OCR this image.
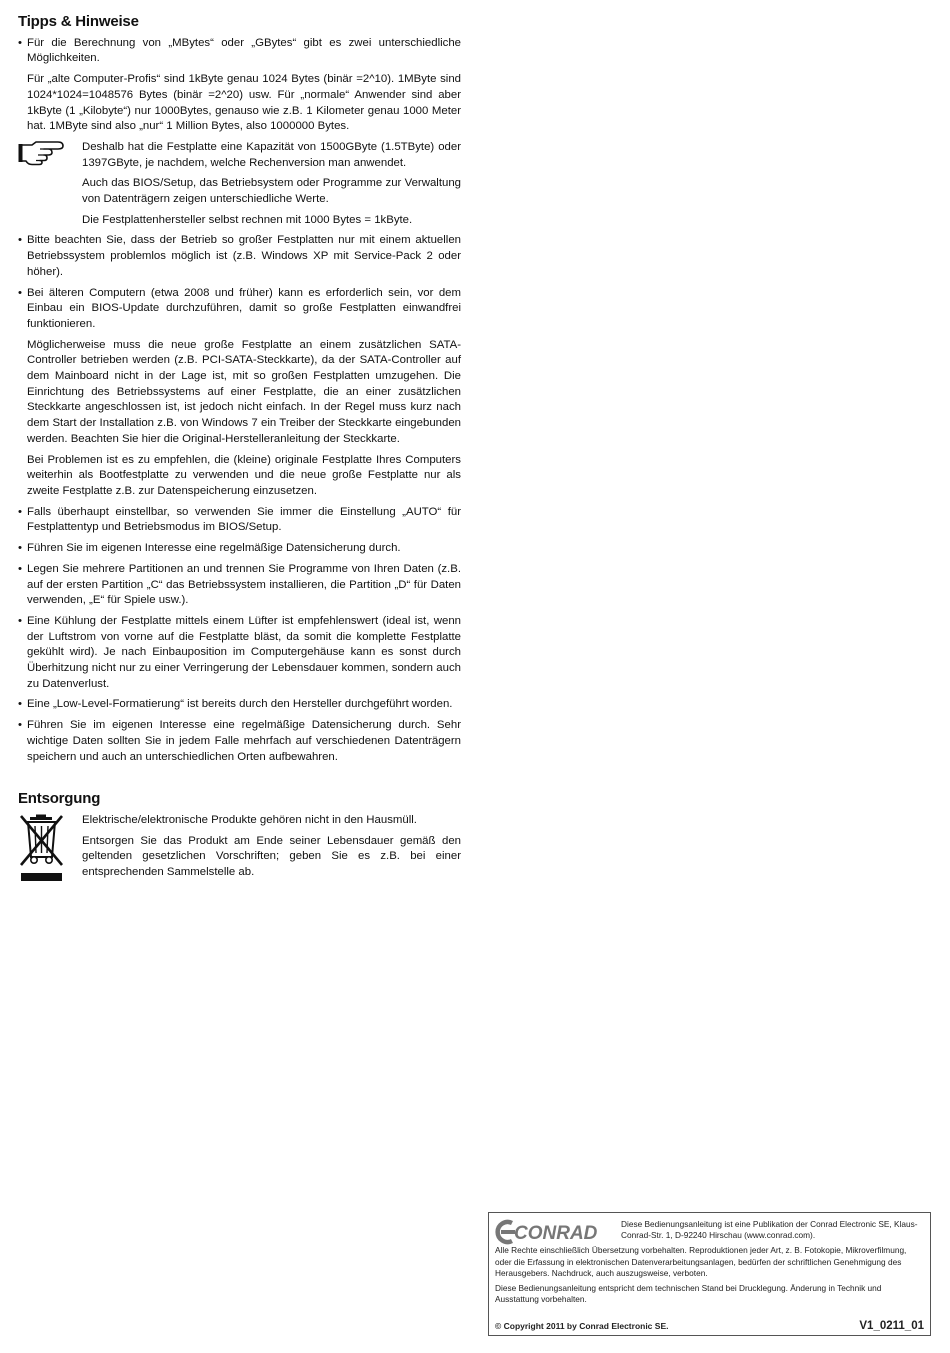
Tipps & Hinweise

• Für die Berechnung von „MBytes“ oder „GBytes“ gibt es zwei unterschiedliche Möglichkeiten.

Für „alte Computer-Profis“ sind 1kByte genau 1024 Bytes (binär =2^10). 1MByte sind 1024*1024=1048576 Bytes (binär =2^20) usw. Für „normale“ Anwender sind aber 1kByte (1 „Kilobyte“) nur 1000Bytes, genauso wie z.B. 1 Kilometer genau 1000 Meter hat. 1MByte sind also „nur“ 1 Million Bytes, also 1000000 Bytes.

Deshalb hat die Festplatte eine Kapazität von 1500GByte (1.5TByte) oder 1397GByte, je nachdem, welche Rechenversion man anwendet.

Auch das BIOS/Setup, das Betriebsystem oder Programme zur Verwaltung von Datenträgern zeigen unterschiedliche Werte.

Die Festplattenhersteller selbst rechnen mit 1000 Bytes = 1kByte.

• Bitte beachten Sie, dass der Betrieb so großer Festplatten nur mit einem aktuellen Betriebssystem problemlos möglich ist (z.B. Windows XP mit Service-Pack 2 oder höher).

• Bei älteren Computern (etwa 2008 und früher) kann es erforderlich sein, vor dem Einbau ein BIOS-Update durchzuführen, damit so große Festplatten einwandfrei funktionieren.

Möglicherweise muss die neue große Festplatte an einem zusätzlichen SATA-Controller betrieben werden (z.B. PCI-SATA-Steckkarte), da der SATA-Controller auf dem Mainboard nicht in der Lage ist, mit so großen Festplatten umzugehen. Die Einrichtung des Betriebssystems auf einer Festplatte, die an einer zusätzlichen Steckkarte angeschlossen ist, ist jedoch nicht einfach. In der Regel muss kurz nach dem Start der Installation z.B. von Windows 7 ein Treiber der Steckkarte eingebunden werden. Beachten Sie hier die Original-Herstelleranleitung der Steckkarte.

Bei Problemen ist es zu empfehlen, die (kleine) originale Festplatte Ihres Computers weiterhin als Bootfestplatte zu verwenden und die neue große Festplatte nur als zweite Festplatte z.B. zur Datenspeicherung einzusetzen.

• Falls überhaupt einstellbar, so verwenden Sie immer die Einstellung „AUTO“ für Festplattentyp und Betriebsmodus im BIOS/Setup.

• Führen Sie im eigenen Interesse eine regelmäßige Datensicherung durch.

• Legen Sie mehrere Partitionen an und trennen Sie Programme von Ihren Daten (z.B. auf der ersten Partition „C“ das Betriebssystem installieren, die Partition „D“ für Daten verwenden, „E“ für Spiele usw.).

• Eine Kühlung der Festplatte mittels einem Lüfter ist empfehlenswert (ideal ist, wenn der Luftstrom von vorne auf die Festplatte bläst, da somit die komplette Festplatte gekühlt wird). Je nach Einbauposition im Computergehäuse kann es sonst durch Überhitzung nicht nur zu einer Verringerung der Lebensdauer kommen, sondern auch zu Datenverlust.

• Eine „Low-Level-Formatierung“ ist bereits durch den Hersteller durchgeführt worden.

• Führen Sie im eigenen Interesse eine regelmäßige Datensicherung durch. Sehr wichtige Daten sollten Sie in jedem Falle mehrfach auf verschiedenen Datenträgern speichern und auch an unterschiedlichen Orten aufbewahren.

Entsorgung

Elektrische/elektronische Produkte gehören nicht in den Hausmüll.

Entsorgen Sie das Produkt am Ende seiner Lebensdauer gemäß den geltenden gesetzlichen Vorschriften; geben Sie es z.B. bei einer entsprechenden Sammelstelle ab.

CONRAD	Diese Bedienungsanleitung ist eine Publikation der Conrad Electronic SE, Klaus-Conrad-Str. 1, D-92240 Hirschau (www.conrad.com).

Alle Rechte einschließlich Übersetzung vorbehalten. Reproduktionen jeder Art, z. B. Fotokopie, Mikroverfilmung, oder die Erfassung in elektronischen Datenverarbeitungsanlagen, bedürfen der schriftlichen Genehmigung des Herausgebers. Nachdruck, auch auszugsweise, verboten.

Diese Bedienungsanleitung entspricht dem technischen Stand bei Drucklegung. Änderung in Technik und Ausstattung vorbehalten.

© Copyright 2011 by Conrad Electronic SE.	V1_0211_01
